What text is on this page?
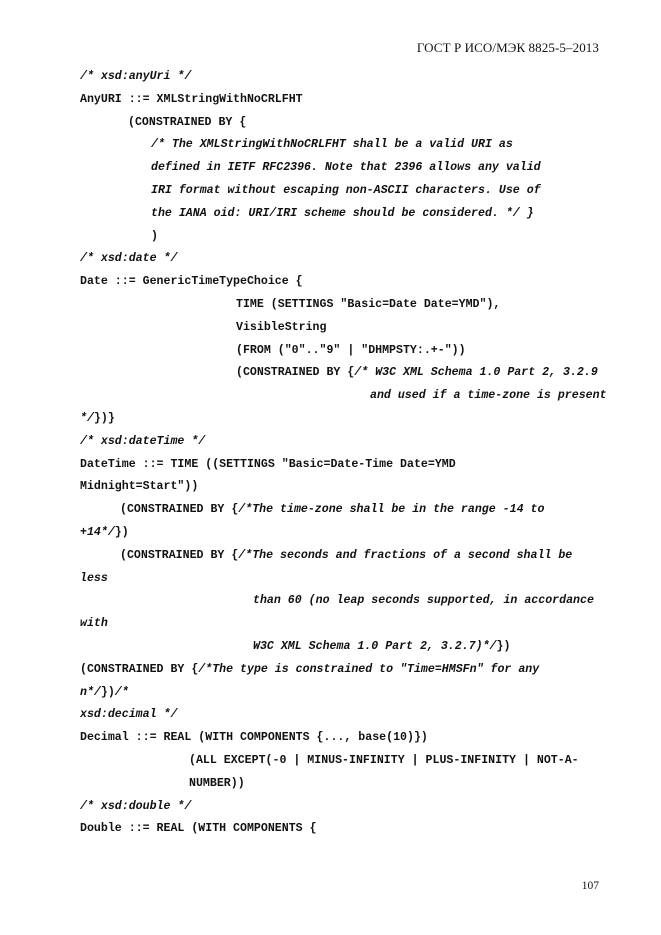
ГОСТ Р ИСО/МЭК 8825-5–2013
/* xsd:anyUri */
AnyURI ::= XMLStringWithNoCRLFHT
(CONSTRAINED BY {
/* The XMLStringWithNoCRLFHT shall be a valid URI as
defined in IETF RFC2396. Note that 2396 allows any valid
IRI format without escaping non-ASCII characters. Use of
the IANA oid: URI/IRI scheme should be considered. */ }
)
/* xsd:date */
Date ::= GenericTimeTypeChoice {
TIME (SETTINGS "Basic=Date Date=YMD"),
VisibleString
(FROM ("0".."9" | "DHMPSTY:.+-"))
(CONSTRAINED BY {/* W3C XML Schema 1.0 Part 2, 3.2.9
and used if a time-zone is present
*/})}
/* xsd:dateTime */
DateTime ::= TIME ((SETTINGS "Basic=Date-Time Date=YMD
Midnight=Start"))
(CONSTRAINED BY {/*The time-zone shall be in the range -14 to
+14*/})
(CONSTRAINED BY {/*The seconds and fractions of a second shall be
less
than 60 (no leap seconds supported, in accordance
with
W3C XML Schema 1.0 Part 2, 3.2.7)*/})
(CONSTRAINED BY {/*The type is constrained to "Time=HMSFn" for any
n*/})/*
xsd:decimal */
Decimal ::= REAL (WITH COMPONENTS {..., base(10)})
(ALL EXCEPT(-0 | MINUS-INFINITY | PLUS-INFINITY | NOT-A-
NUMBER))
/* xsd:double */
Double ::= REAL (WITH COMPONENTS {
107
